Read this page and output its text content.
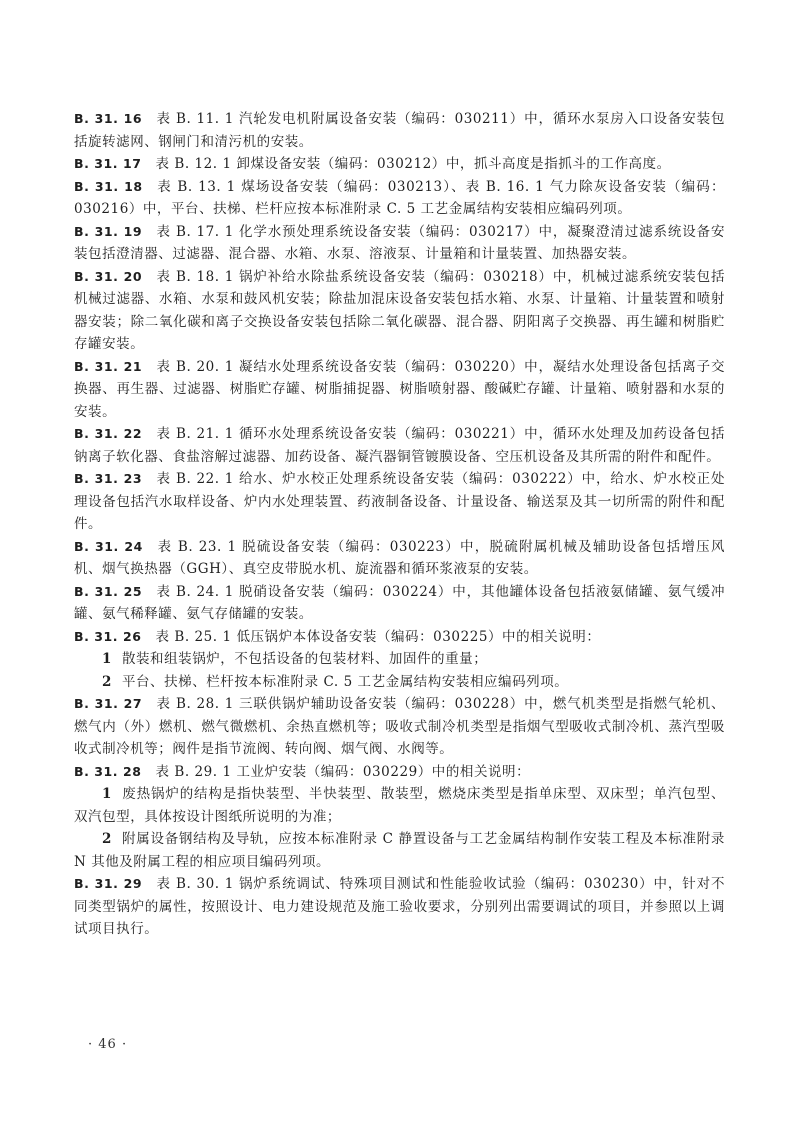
B. 31. 16 表 B. 11. 1 汽轮发电机附属设备安装（编码：030211）中，循环水泵房入口设备安装包括旋转滤网、钢闸门和清污机的安装。

B. 31. 17 表 B. 12. 1 卸煤设备安装（编码：030212）中，抓斗高度是指抓斗的工作高度。

B. 31. 18 表 B. 13. 1 煤场设备安装（编码：030213）、表 B. 16. 1 气力除灰设备安装（编码：030216）中，平台、扶梯、栏杆应按本标准附录 C. 5 工艺金属结构安装相应编码列项。

B. 31. 19 表 B. 17. 1 化学水预处理系统设备安装（编码：030217）中，凝聚澄清过滤系统设备安装包括澄清器、过滤器、混合器、水箱、水泵、溶液泵、计量箱和计量装置、加热器安装。

B. 31. 20 表 B. 18. 1 锅炉补给水除盐系统设备安装（编码：030218）中，机械过滤系统安装包括机械过滤器、水箱、水泵和鼓风机安装；除盐加混床设备安装包括水箱、水泵、计量箱、计量装置和喷射器安装；除二氧化碳和离子交换设备安装包括除二氧化碳器、混合器、阴阳离子交换器、再生罐和树脂贮存罐安装。

B. 31. 21 表 B. 20. 1 凝结水处理系统设备安装（编码：030220）中，凝结水处理设备包括离子交换器、再生器、过滤器、树脂贮存罐、树脂捕捉器、树脂喷射器、酸碱贮存罐、计量箱、喷射器和水泵的安装。

B. 31. 22 表 B. 21. 1 循环水处理系统设备安装（编码：030221）中，循环水处理及加药设备包括钠离子软化器、食盐溶解过滤器、加药设备、凝汽器铜管镀膜设备、空压机设备及其所需的附件和配件。

B. 31. 23 表 B. 22. 1 给水、炉水校正处理系统设备安装（编码：030222）中，给水、炉水校正处理设备包括汽水取样设备、炉内水处理装置、药液制备设备、计量设备、输送泵及其一切所需的附件和配件。

B. 31. 24 表 B. 23. 1 脱硫设备安装（编码：030223）中，脱硫附属机械及辅助设备包括增压风机、烟气换热器（GGH）、真空皮带脱水机、旋流器和循环浆液泵的安装。

B. 31. 25 表 B. 24. 1 脱硝设备安装（编码：030224）中，其他罐体设备包括液氨储罐、氨气缓冲罐、氨气稀释罐、氨气存储罐的安装。

B. 31. 26 表 B. 25. 1 低压锅炉本体设备安装（编码：030225）中的相关说明：

1 散装和组装锅炉，不包括设备的包装材料、加固件的重量；

2 平台、扶梯、栏杆按本标准附录 C. 5 工艺金属结构安装相应编码列项。

B. 31. 27 表 B. 28. 1 三联供锅炉辅助设备安装（编码：030228）中，燃气机类型是指燃气轮机、燃气内（外）燃机、燃气微燃机、余热直燃机等；吸收式制冷机类型是指烟气型吸收式制冷机、蒸汽型吸收式制冷机等；阀件是指节流阀、转向阀、烟气阀、水阀等。

B. 31. 28 表 B. 29. 1 工业炉安装（编码：030229）中的相关说明：

1 废热锅炉的结构是指快装型、半快装型、散装型，燃烧床类型是指单床型、双床型；单汽包型、双汽包型，具体按设计图纸所说明的为准；

2 附属设备钢结构及导轨，应按本标准附录 C 静置设备与工艺金属结构制作安装工程及本标准附录 N 其他及附属工程的相应项目编码列项。

B. 31. 29 表 B. 30. 1 锅炉系统调试、特殊项目测试和性能验收试验（编码：030230）中，针对不同类型锅炉的属性，按照设计、电力建设规范及施工验收要求，分别列出需要调试的项目，并参照以上调试项目执行。

· 46 ·
